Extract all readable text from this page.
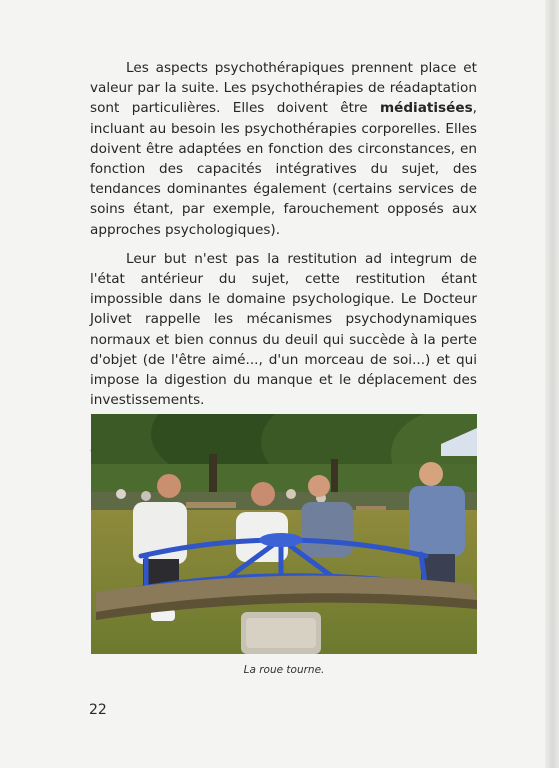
Les aspects psychothérapiques prennent place et valeur par la suite. Les psychothérapies de réadaptation sont particulières. Elles doivent être médiatisées, incluant au besoin les psychothérapies corporelles. Elles doivent être adaptées en fonction des circonstances, en fonction des capacités intégratives du sujet, des tendances dominantes également (certains services de soins étant, par exemple, farouchement opposés aux approches psychologiques).

Leur but n'est pas la restitution ad integrum de l'état antérieur du sujet, cette restitution étant impossible dans le domaine psychologique. Le Docteur Jolivet rappelle les mécanismes psychodynamiques normaux et bien connus du deuil qui succède à la perte d'objet (de l'être aimé..., d'un morceau de soi...) et qui impose la digestion du manque et le déplacement des investissements.

La roue tourne.
22
